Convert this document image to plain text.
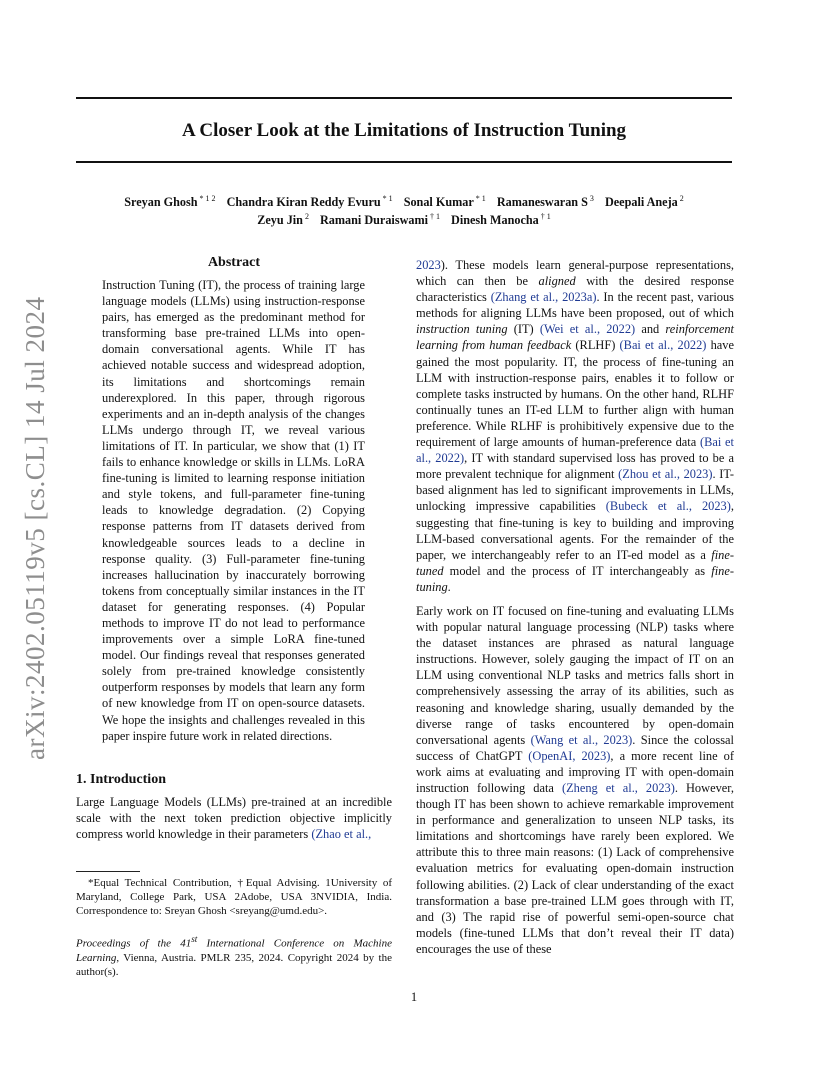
arXiv:2402.05119v5 [cs.CL] 14 Jul 2024
A Closer Look at the Limitations of Instruction Tuning
Sreyan Ghosh $^{* 1 2}$ Chandra Kiran Reddy Evuru $^{* 1}$ Sonal Kumar $^{* 1}$ Ramaneswaran S $^3$ Deepali Aneja $^2$
Zeyu Jin $^2$ Ramani Duraiswami $^{\dagger 1}$ Dinesh Manocha $^{\dagger 1}$
Abstract

Instruction Tuning (IT), the process of training large language models (LLMs) using instruction-response pairs, has emerged as the predominant method for transforming base pre-trained LLMs into open-domain conversational agents. While IT has achieved notable success and widespread adoption, its limitations and shortcomings remain underexplored. In this paper, through rigorous experiments and an in-depth analysis of the changes LLMs undergo through IT, we reveal various limitations of IT. In particular, we show that (1) IT fails to enhance knowledge or skills in LLMs. LoRA fine-tuning is limited to learning response initiation and style tokens, and full-parameter fine-tuning leads to knowledge degradation. (2) Copying response patterns from IT datasets derived from knowledgeable sources leads to a decline in response quality. (3) Full-parameter fine-tuning increases hallucination by inaccurately borrowing tokens from conceptually similar instances in the IT dataset for generating responses. (4) Popular methods to improve IT do not lead to performance improvements over a simple LoRA fine-tuned model. Our findings reveal that responses generated solely from pre-trained knowledge consistently outperform responses by models that learn any form of new knowledge from IT on open-source datasets. We hope the insights and challenges revealed in this paper inspire future work in related directions.

1. Introduction

Large Language Models (LLMs) pre-trained at an incredible scale with the next token prediction objective implicitly compress world knowledge in their parameters (Zhao et al.,

2023). These models learn general-purpose representations, which can then be aligned with the desired response characteristics (Zhang et al., 2023a). In the recent past, various methods for aligning LLMs have been proposed, out of which instruction tuning (IT) (Wei et al., 2022) and reinforcement learning from human feedback (RLHF) (Bai et al., 2022) have gained the most popularity. IT, the process of fine-tuning an LLM with instruction-response pairs, enables it to follow or complete tasks instructed by humans. On the other hand, RLHF continually tunes an IT-ed LLM to further align with human preference. While RLHF is prohibitively expensive due to the requirement of large amounts of human-preference data (Bai et al., 2022), IT with standard supervised loss has proved to be a more prevalent technique for alignment (Zhou et al., 2023). IT-based alignment has led to significant improvements in LLMs, unlocking impressive capabilities (Bubeck et al., 2023), suggesting that fine-tuning is key to building and improving LLM-based conversational agents. For the remainder of the paper, we interchangeably refer to an IT-ed model as a fine-tuned model and the process of IT interchangeably as fine-tuning.

Early work on IT focused on fine-tuning and evaluating LLMs with popular natural language processing (NLP) tasks where the dataset instances are phrased as natural language instructions. However, solely gauging the impact of IT on an LLM using conventional NLP tasks and metrics falls short in comprehensively assessing the array of its abilities, such as reasoning and knowledge sharing, usually demanded by the diverse range of tasks encountered by open-domain conversational agents (Wang et al., 2023). Since the colossal success of ChatGPT (OpenAI, 2023), a more recent line of work aims at evaluating and improving IT with open-domain instruction following data (Zheng et al., 2023). However, though IT has been shown to achieve remarkable improvement in performance and generalization to unseen NLP tasks, its limitations and shortcomings have rarely been explored. We attribute this to three main reasons: (1) Lack of comprehensive evaluation metrics for evaluating open-domain instruction following abilities. (2) Lack of clear understanding of the exact transformation a base pre-trained LLM goes through with IT, and (3) The rapid rise of powerful semi-open-source chat models (fine-tuned LLMs that don’t reveal their IT data) encourages the use of these

*Equal Technical Contribution, †Equal Advising. 1University of Maryland, College Park, USA 2Adobe, USA 3NVIDIA, India. Correspondence to: Sreyan Ghosh <sreyang@umd.edu>.

Proceedings of the 41st International Conference on Machine Learning, Vienna, Austria. PMLR 235, 2024. Copyright 2024 by the author(s).

1
